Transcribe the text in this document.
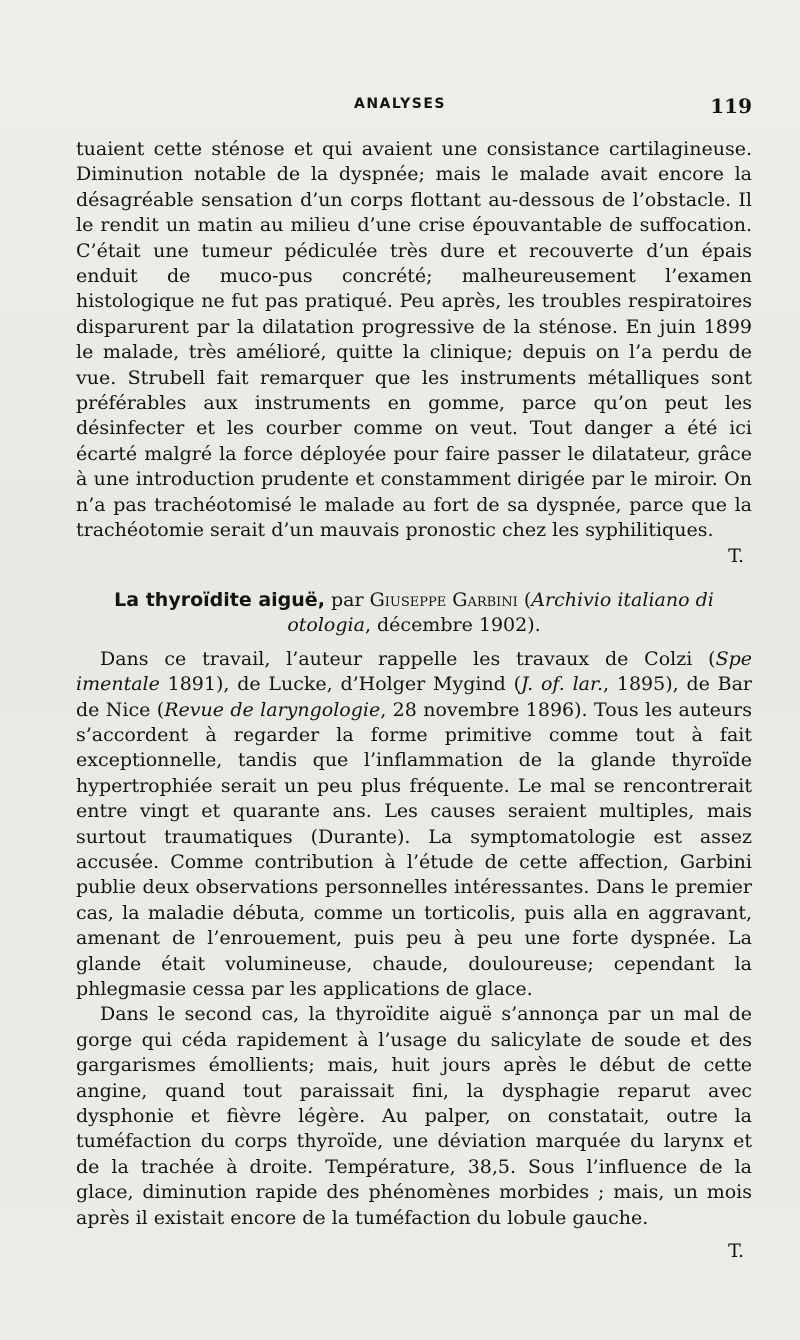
ANALYSES	119

tuaient cette sténose et qui avaient une consistance cartilagineuse. Diminution notable de la dyspnée; mais le malade avait encore la désagréable sensation d’un corps flottant au-dessous de l’obstacle. Il le rendit un matin au milieu d’une crise épouvantable de suffocation. C’était une tumeur pédiculée très dure et recouverte d’un épais enduit de muco-pus concrété; malheureusement l’examen histologique ne fut pas pratiqué. Peu après, les troubles respiratoires disparurent par la dilatation progressive de la sténose. En juin 1899 le malade, très amélioré, quitte la clinique; depuis on l’a perdu de vue. Strubell fait remarquer que les instruments métalliques sont préférables aux instruments en gomme, parce qu’on peut les désinfecter et les courber comme on veut. Tout danger a été ici écarté malgré la force déployée pour faire passer le dilatateur, grâce à une introduction prudente et constamment dirigée par le miroir. On n’a pas trachéotomisé le malade au fort de sa dyspnée, parce que la trachéotomie serait d’un mauvais pronostic chez les syphilitiques.

T.

La thyroïdite aiguë, par Giuseppe Garbini (Archivio italiano di otologia, décembre 1902).

Dans ce travail, l’auteur rappelle les travaux de Colzi (Spe imentale 1891), de Lucke, d’Holger Mygind (J. of. lar., 1895), de Bar de Nice (Revue de laryngologie, 28 novembre 1896). Tous les auteurs s’accordent à regarder la forme primitive comme tout à fait exceptionnelle, tandis que l’inflammation de la glande thyroïde hypertrophiée serait un peu plus fréquente. Le mal se rencontrerait entre vingt et quarante ans. Les causes seraient multiples, mais surtout traumatiques (Durante). La symptomatologie est assez accusée. Comme contribution à l’étude de cette affection, Garbini publie deux observations personnelles intéressantes. Dans le premier cas, la maladie débuta, comme un torticolis, puis alla en aggravant, amenant de l’enrouement, puis peu à peu une forte dyspnée. La glande était volumineuse, chaude, douloureuse; cependant la phlegmasie cessa par les applications de glace.

Dans le second cas, la thyroïdite aiguë s’annonça par un mal de gorge qui céda rapidement à l’usage du salicylate de soude et des gargarismes émollients; mais, huit jours après le début de cette angine, quand tout paraissait fini, la dysphagie reparut avec dysphonie et fièvre légère. Au palper, on constatait, outre la tuméfaction du corps thyroïde, une déviation marquée du larynx et de la trachée à droite. Température, 38,5. Sous l’influence de la glace, diminution rapide des phénomènes morbides ; mais, un mois après il existait encore de la tuméfaction du lobule gauche.

T.
